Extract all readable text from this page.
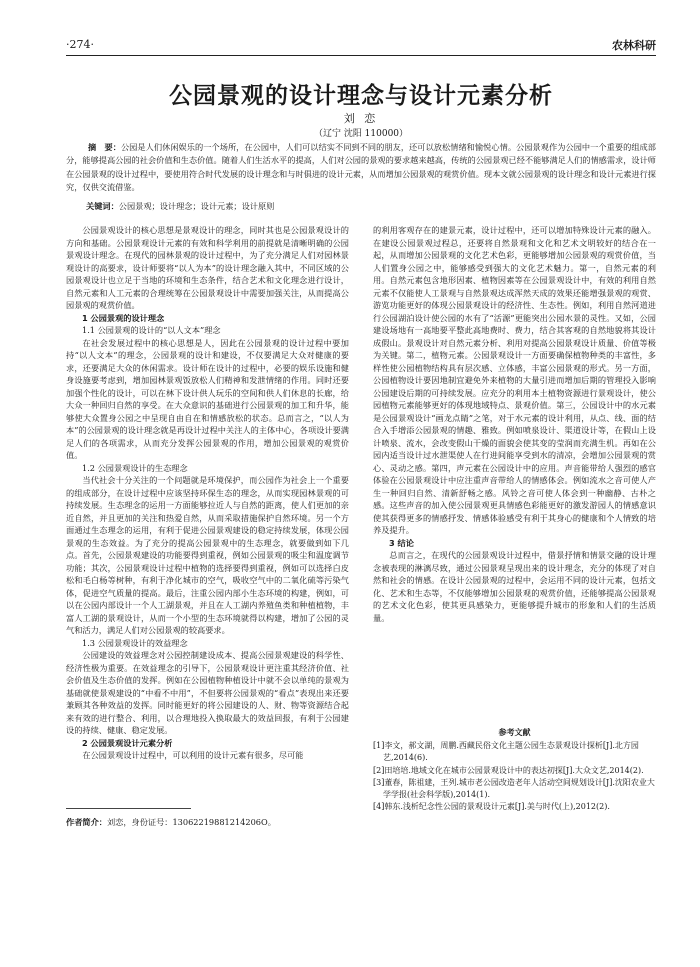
·274·	农林科研
公园景观的设计理念与设计元素分析
刘 恋
（辽宁 沈阳 110000）
摘　要：公园是人们休闲娱乐的一个场所，在公园中，人们可以结实不同到不同的朋友，还可以放松情绪和愉悦心情。公园景观作为公园中一个重要的组成部分，能够提高公园的社会价值和生态价值。随着人们生活水平的提高，人们对公园的景观的要求越来越高，传统的公园景观已经不能够满足人们的情感需求，设计师在公园景观的设计过程中，要使用符合时代发展的设计理念和与时俱进的设计元素，从而增加公园景观的观赏价值。现本文就公园景观的设计理念和设计元素进行探究，仅供交流借鉴。
关键词：公园景观；设计理念；设计元素；设计原则

公园景观设计的核心思想是景观设计的理念，同时其也是公园景观设计的方向和基础。公园景观设计元素的有效和科学利用的前提就是清晰明确的公园景观设计理念。在现代的园林景观的设计过程中，为了充分满足人们对园林景观设计的高要求，设计师要将“以人为本”的设计理念融入其中，不同区域的公园景观设计也立足于当地的环境和生态条件，结合艺术和文化理念进行设计，自然元素和人工元素的合理统筹在公园景观设计中需要加强关注，从而提高公园景观的观赏价值。

1 公园景观的设计理念
1.1 公园景观的设计的“以人文本”理念

在社会发展过程中的核心思想是人，因此在公园景观的设计过程中要加持“以人文本”的理念，公园景观的设计和建设，不仅要满足大众对健康的要求，还要满足大众的休闲需求。设计师在设计的过程中，必要的娱乐设施和健身设施要考虑到，增加园林景观饭放松人们精神和发泄情绪的作用。同时还要加强个性化的设计，可以在林下设计供人玩乐的空间和供人们休息的长廊，给大众一种回归自然的享受。在大众意识的基础进行公园景观的加工和升华，能够使大众置身公园之中呈现自由自在和情感放松的状态。总而言之，“以人为本”的公园景观的设计理念就是再设计过程中关注人的主体中心，各项设计要满足人们的各项需求，从而充分发挥公园景观的作用，增加公园景观的观赏价值。

1.2 公园景观设计的生态理念

当代社会十分关注的一个问题就是环境保护，而公园作为社会上一个重要的组成部分，在设计过程中应该坚持环保生态的理念，从而实现园林景观的可持续发展。生态理念的运用一方面能够拉近人与自然的距离，使人们更加的亲近自然，并且更加的关注和热爱自然，从而采取措施保护自然环境。另一个方面通过生态理念的运用，有利于促进公园景观建设的稳定持续发展，体现公园景观的生态效益。为了充分的提高公园景观中的生态理念，就要做到如下几点。首先，公园景观建设的功能要得到重视，例如公园景观的吸尘和温度调节功能；其次，公园景观设计过程中植物的选择要得到重视，例如可以选择白皮松和毛白杨等树种，有利于净化城市的空气，吸收空气中的二氧化硫等污染气体，促进空气质量的提高。最后，注重公园内部小生态环境的构建，例如，可以在公园内部设计一个人工湖景观，并且在人工湖内养殖鱼类和种植植物，丰富人工湖的景观设计，从而一个小型的生态环境就得以构建，增加了公园的灵气和活力，满足人们对公园景观的较高要求。

1.3 公园景观设计的效益理念

公园建设的效益理念对公园控制建设成本、提高公园景观建设的科学性、经济性极为重要。在效益理念的引导下，公园景观设计更注重其经济价值、社会价值及生态价值的发挥。例如在公园植物种植设计中就不会以单纯的景观为基础就使景观建设的“中看不中用”，不但要将公园景观的“看点”表现出来还要兼顾其各种效益的发挥。同时能更好的将公园建设的人、财、物等资源结合起来有效的进行整合、利用，以合理地投入换取最大的效益回报，有利于公园建设的持续、健康、稳定发展。

2 公园景观设计元素分析

在公园景观设计过程中，可以利用的设计元素有很多，尽可能

的利用客观存在的建景元素，设计过程中，还可以增加特殊设计元素的融入。在建设公园景观过程总，还要将自然景观和文化和艺术文明较好的结合在一起，从而增加公园景观的文化艺术色彩，更能够增加公园景观的观赏价值，当人们置身公园之中，能够感受到强大的文化艺术魅力。第一，自然元素的利用。自然元素包含地形因素、植物因素等在公园景观设计中，有效的利用自然元素不仅能使人工景观与自然景观达成浑然天成的效果还能增强景观的观赏、游览功能更好的体现公园景观设计的经济性、生态性。例如，利用自然河道进行公园湖泊设计使公园的水有了“活源”更能突出公园水景的灵性。又如，公园建设场地有一高地要平整此高地费时、费力，结合其客观的自然地貌将其设计成假山。景观设计对自然元素分析、利用对提高公园景观设计质量、价值等极为关键。第二，植物元素。公园景观设计一方面要确保植物种类的丰富性，多样性使公园植物结构具有层次感、立体感，丰富公园景观的形式。另一方面，公园植物设计要因地制宜避免外来植物的大量引进而增加后期的管理投入影响公园建设后期的可持续发展。应充分的利用本土植物资源进行景观设计，使公园植物元素能够更好的体现地域特点、景观价值。第三，公园设计中的水元素是公园景观设计“画龙点睛”之笔，对于水元素的设计利用，从点、线、面的结合入手增添公园景观的情趣、雅致。例如喷泉设计、渠道设计等，在假山上设计喷泉、流水，会改变假山干燥的面貌会使其变的莹润而充满生机。再如在公园内适当设计过水泄渠使人在行进间能享受到水的清凉，会增加公园景观的赏心、灵动之感。第四，声元素在公园设计中的应用。声音能带给人强烈的感官体验在公园景观设计中应注重声音带给人的情感体会。例如流水之音可使人产生一种回归自然、清新舒畅之感。风铃之音可使人体会到一种幽静、古朴之感。这些声音的加入使公园景观更具情感色彩能更好的激发游园人的情感意识使其获得更多的情感抒发、情感体验感受有利于其身心的健康和个人情致的培养及提升。

3 结论

总而言之，在现代的公园景观设计过程中，借景抒情和情景交融的设计理念被表现的淋漓尽致，通过公园景观呈现出来的设计理念，充分的体现了对自然和社会的情感。在设计公园景观的过程中，会运用不同的设计元素，包括文化、艺术和生态等，不仅能够增加公园景观的观赏价值，还能够提高公园景观的艺术文化色彩，使其更具感染力，更能够提升城市的形象和人们的生活质量。

参考文献

[1]李文，郝文湖，周鹏.西藏民俗文化主题公园生态景观设计探析[J].北方园艺,2014(6).

[2]田培培.地域文化在城市公园景观设计中的表达初探[J].大众文艺,2014(2).

[3]董春，陈祖建，王列.城市老公园改造老年人活动空间规划设计[J].沈阳农业大学学报(社会科学版),2014(1).

[4]韩东.浅析纪念性公园的景观设计元素[J].美与时代(上),2012(2).

作者简介：刘恋，身份证号：13062219881214206О。
